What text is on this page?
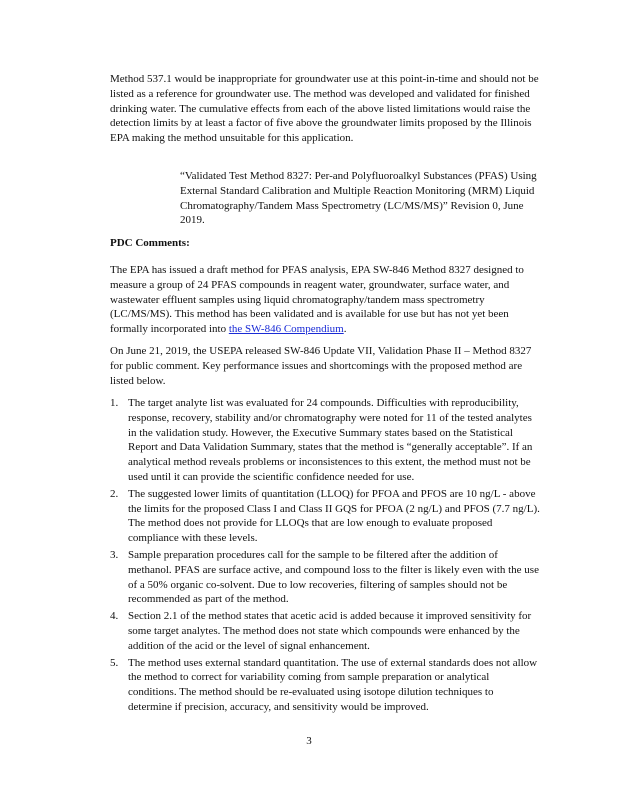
Method 537.1 would be inappropriate for groundwater use at this point-in-time and should not be listed as a reference for groundwater use. The method was developed and validated for finished drinking water. The cumulative effects from each of the above listed limitations would raise the detection limits by at least a factor of five above the groundwater limits proposed by the Illinois EPA making the method unsuitable for this application.

“Validated Test Method 8327: Per-and Polyfluoroalkyl Substances (PFAS) Using External Standard Calibration and Multiple Reaction Monitoring (MRM) Liquid Chromatography/Tandem Mass Spectrometry (LC/MS/MS)” Revision 0, June 2019.

PDC Comments:

The EPA has issued a draft method for PFAS analysis, EPA SW-846 Method 8327 designed to measure a group of 24 PFAS compounds in reagent water, groundwater, surface water, and wastewater effluent samples using liquid chromatography/tandem mass spectrometry (LC/MS/MS). This method has been validated and is available for use but has not yet been formally incorporated into the SW-846 Compendium.

On June 21, 2019, the USEPA released SW-846 Update VII, Validation Phase II – Method 8327 for public comment. Key performance issues and shortcomings with the proposed method are listed below.

1. The target analyte list was evaluated for 24 compounds. Difficulties with reproducibility, response, recovery, stability and/or chromatography were noted for 11 of the tested analytes in the validation study. However, the Executive Summary states based on the Statistical Report and Data Validation Summary, states that the method is “generally acceptable”. If an analytical method reveals problems or inconsistences to this extent, the method must not be used until it can provide the scientific confidence needed for use.
2. The suggested lower limits of quantitation (LLOQ) for PFOA and PFOS are 10 ng/L - above the limits for the proposed Class I and Class II GQS for PFOA (2 ng/L) and PFOS (7.7 ng/L). The method does not provide for LLOQs that are low enough to evaluate proposed compliance with these levels.
3. Sample preparation procedures call for the sample to be filtered after the addition of methanol. PFAS are surface active, and compound loss to the filter is likely even with the use of a 50% organic co-solvent. Due to low recoveries, filtering of samples should not be recommended as part of the method.
4. Section 2.1 of the method states that acetic acid is added because it improved sensitivity for some target analytes. The method does not state which compounds were enhanced by the addition of the acid or the level of signal enhancement.
5. The method uses external standard quantitation. The use of external standards does not allow the method to correct for variability coming from sample preparation or analytical conditions. The method should be re-evaluated using isotope dilution techniques to determine if precision, accuracy, and sensitivity would be improved.
3
